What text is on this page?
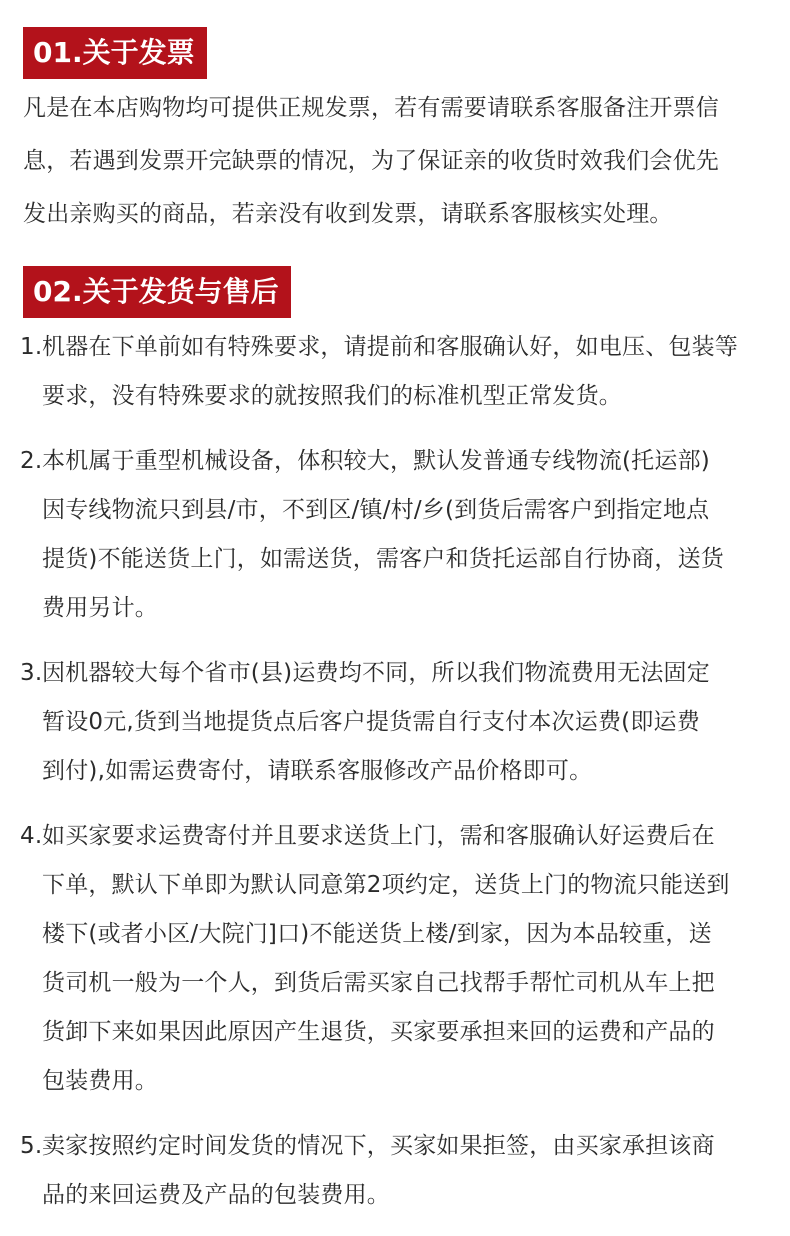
01.关于发票
凡是在本店购物均可提供正规发票，若有需要请联系客服备注开票信
息，若遇到发票开完缺票的情况，为了保证亲的收货时效我们会优先
发出亲购买的商品，若亲没有收到发票，请联系客服核实处理。
02.关于发货与售后
1. 机器在下单前如有特殊要求，请提前和客服确认好，如电压、包装等
要求，没有特殊要求的就按照我们的标准机型正常发货。
2. 本机属于重型机械设备，体积较大，默认发普通专线物流(托运部)
因专线物流只到县/市，不到区/镇/村/乡(到货后需客户到指定地点
提货)不能送货上门，如需送货，需客户和货托运部自行协商，送货
费用另计。
3. 因机器较大每个省市(县)运费均不同，所以我们物流费用无法固定
暂设0元,货到当地提货点后客户提货需自行支付本次运费(即运费
到付),如需运费寄付，请联系客服修改产品价格即可。
4. 如买家要求运费寄付并且要求送货上门，需和客服确认好运费后在
下单，默认下单即为默认同意第2项约定，送货上门的物流只能送到
楼下(或者小区/大院门]口)不能送货上楼/到家，因为本品较重，送
货司机一般为一个人，到货后需买家自己找帮手帮忙司机从车上把
货卸下来如果因此原因产生退货，买家要承担来回的运费和产品的
包装费用。
5. 卖家按照约定时间发货的情况下，买家如果拒签，由买家承担该商
品的来回运费及产品的包装费用。
